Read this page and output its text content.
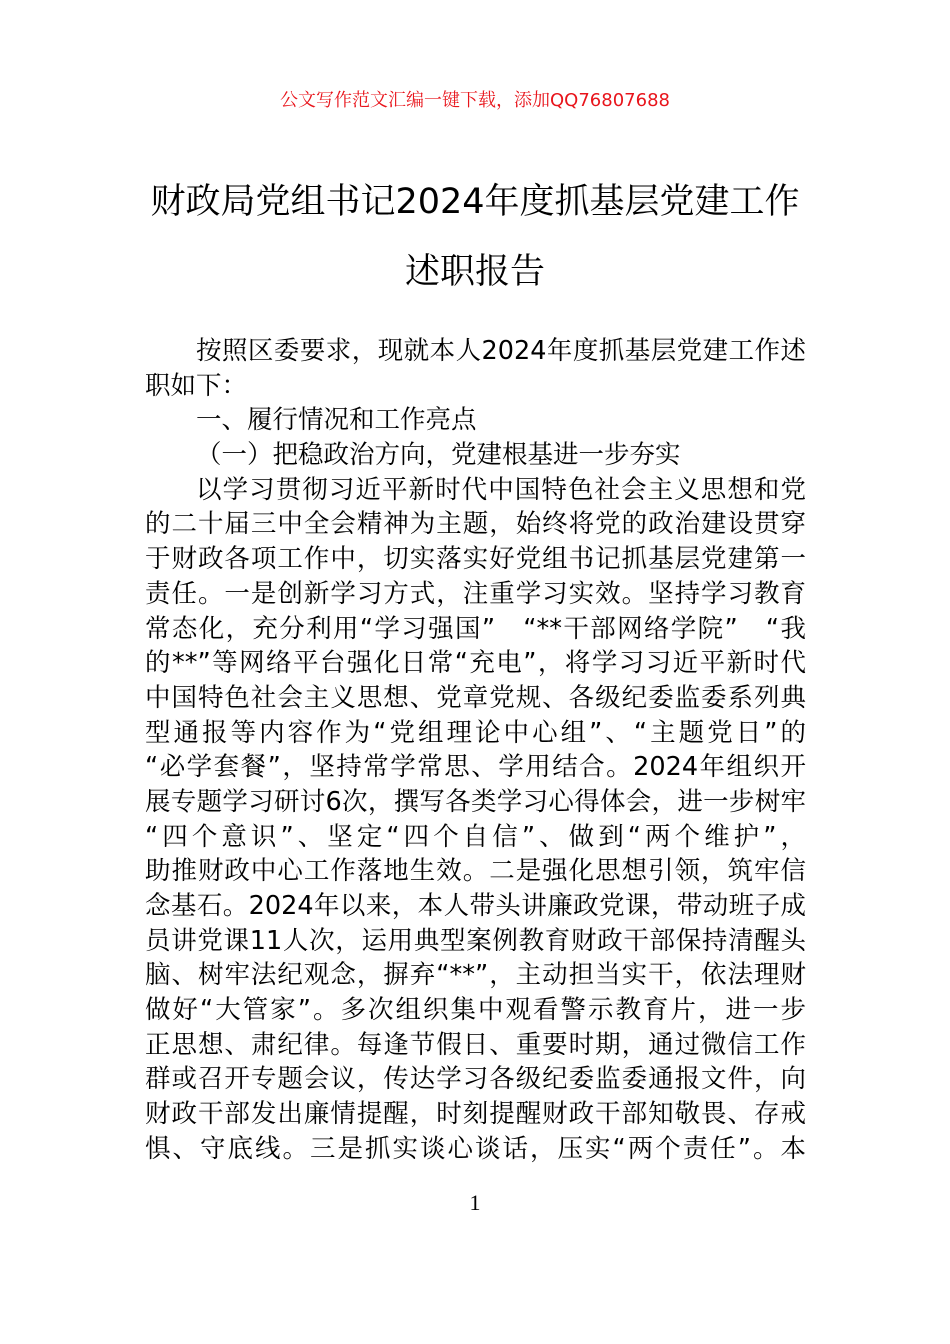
公文写作范文汇编一键下载，添加QQ76807688
财政局党组书记2024年度抓基层党建工作
述职报告
按照区委要求，现就本人2024年度抓基层党建工作述
职如下：
一、履行情况和工作亮点
（一）把稳政治方向，党建根基进一步夯实
以学习贯彻习近平新时代中国特色社会主义思想和党
的二十届三中全会精神为主题，始终将党的政治建设贯穿
于财政各项工作中，切实落实好党组书记抓基层党建第一
责任。一是创新学习方式，注重学习实效。坚持学习教育
常态化，充分利用“学习强国”　“**干部网络学院”　“我
的**”等网络平台强化日常“充电”，将学习习近平新时代
中国特色社会主义思想、党章党规、各级纪委监委系列典
型通报等内容作为“党组理论中心组”、“主题党日”的
“必学套餐”，坚持常学常思、学用结合。2024年组织开
展专题学习研讨6次，撰写各类学习心得体会，进一步树牢
“四个意识”、坚定“四个自信”、做到“两个维护”，
助推财政中心工作落地生效。二是强化思想引领，筑牢信
念基石。2024年以来，本人带头讲廉政党课，带动班子成
员讲党课11人次，运用典型案例教育财政干部保持清醒头
脑、树牢法纪观念，摒弃“**”，主动担当实干，依法理财
做好“大管家”。多次组织集中观看警示教育片，进一步
正思想、肃纪律。每逢节假日、重要时期，通过微信工作
群或召开专题会议，传达学习各级纪委监委通报文件，向
财政干部发出廉情提醒，时刻提醒财政干部知敬畏、存戒
惧、守底线。三是抓实谈心谈话，压实“两个责任”。本
1
